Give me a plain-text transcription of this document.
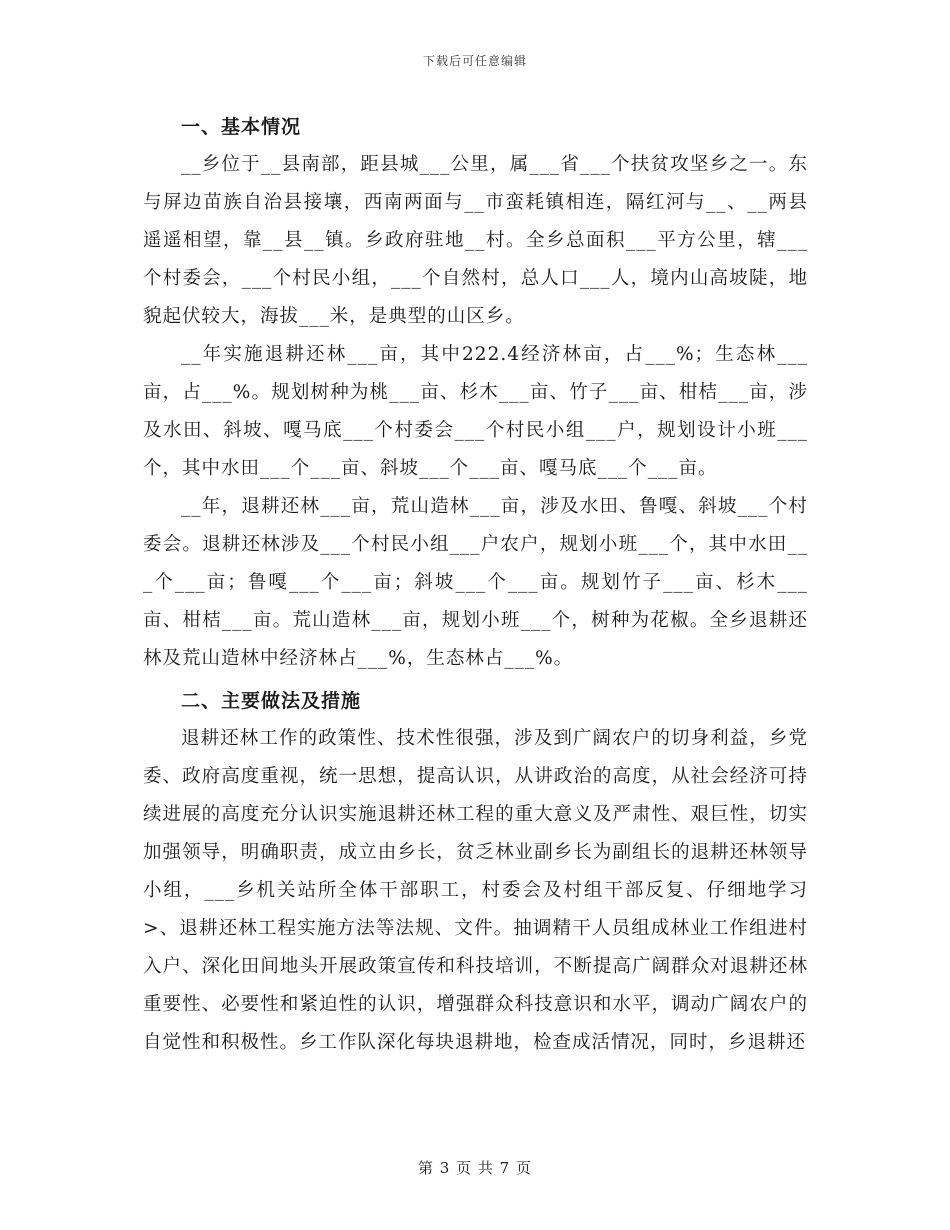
下载后可任意编辑
一、基本情况

__乡位于__县南部，距县城___公里，属___省___个扶贫攻坚乡之一。东与屏边苗族自治县接壤，西南两面与__市蛮耗镇相连，隔红河与__、__两县遥遥相望，靠__县__镇。乡政府驻地__村。全乡总面积___平方公里，辖___个村委会，___个村民小组，___个自然村，总人口___人，境内山高坡陡，地貌起伏较大，海拔___米，是典型的山区乡。

__年实施退耕还林___亩，其中222.4经济林亩，占___%；生态林___亩，占___%。规划树种为桃___亩、杉木___亩、竹子___亩、柑桔___亩，涉及水田、斜坡、嘎马底___个村委会___个村民小组___户，规划设计小班___个，其中水田___个___亩、斜坡___个___亩、嘎马底___个___亩。

__年，退耕还林___亩，荒山造林___亩，涉及水田、鲁嘎、斜坡___个村委会。退耕还林涉及___个村民小组___户农户，规划小班___个，其中水田___个___亩；鲁嘎___个___亩；斜坡___个___亩。规划竹子___亩、杉木___亩、柑桔___亩。荒山造林___亩，规划小班___个，树种为花椒。全乡退耕还林及荒山造林中经济林占___%，生态林占___%。

二、主要做法及措施

退耕还林工作的政策性、技术性很强，涉及到广阔农户的切身利益，乡党委、政府高度重视，统一思想，提高认识，从讲政治的高度，从社会经济可持续进展的高度充分认识实施退耕还林工程的重大意义及严肃性、艰巨性，切实加强领导，明确职责，成立由乡长，贫乏林业副乡长为副组长的退耕还林领导小组，___乡机关站所全体干部职工，村委会及村组干部反复、仔细地学习>、退耕还林工程实施方法等法规、文件。抽调精干人员组成林业工作组进村入户、深化田间地头开展政策宣传和科技培训，不断提高广阔群众对退耕还林重要性、必要性和紧迫性的认识，增强群众科技意识和水平，调动广阔农户的自觉性和积极性。乡工作队深化每块退耕地，检查成活情况，同时，乡退耕还

第 3 页 共 7 页
